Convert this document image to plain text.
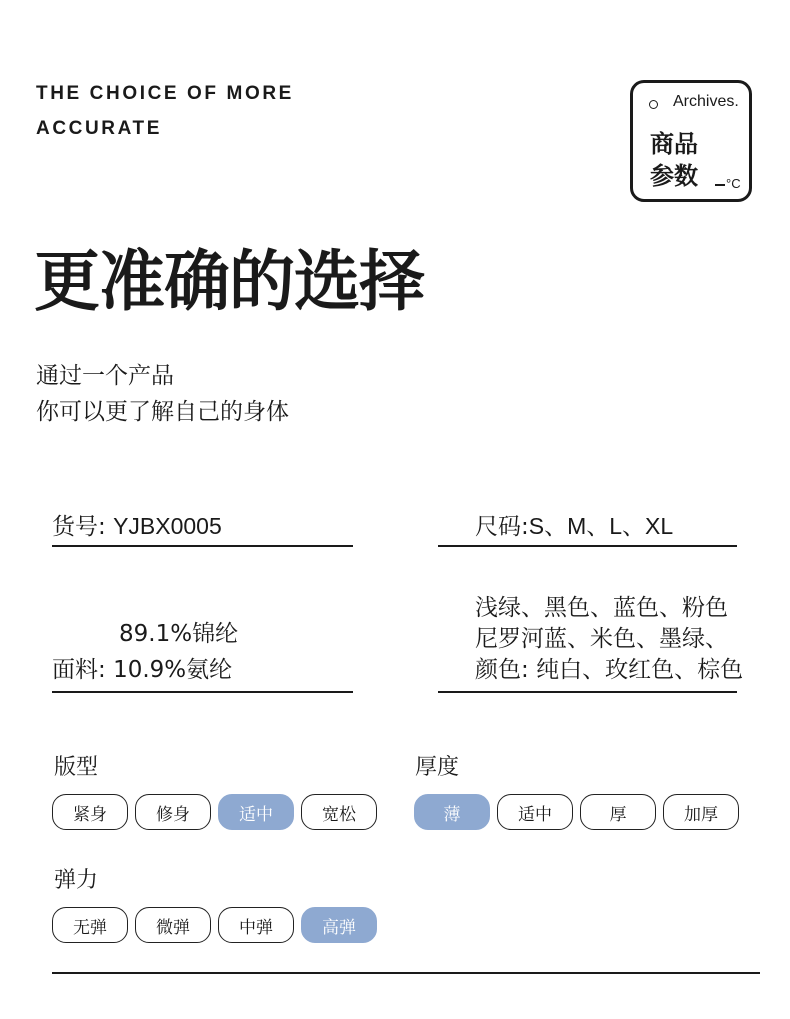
THE CHOICE OF MORE
ACCURATE
Archives.
商品
参数	°C
更准确的选择
通过一个产品
你可以更了解自己的身体
货号: YJBX0005	尺码:S、M、L、XL
89.1%锦纶
面料: 10.9%氨纶
浅绿、黑色、蓝色、粉色
尼罗河蓝、米色、墨绿、
颜色: 纯白、玫红色、棕色
版型
紧身	修身	适中	宽松
厚度
薄	适中	厚	加厚
弹力
无弹	微弹	中弹	高弹
